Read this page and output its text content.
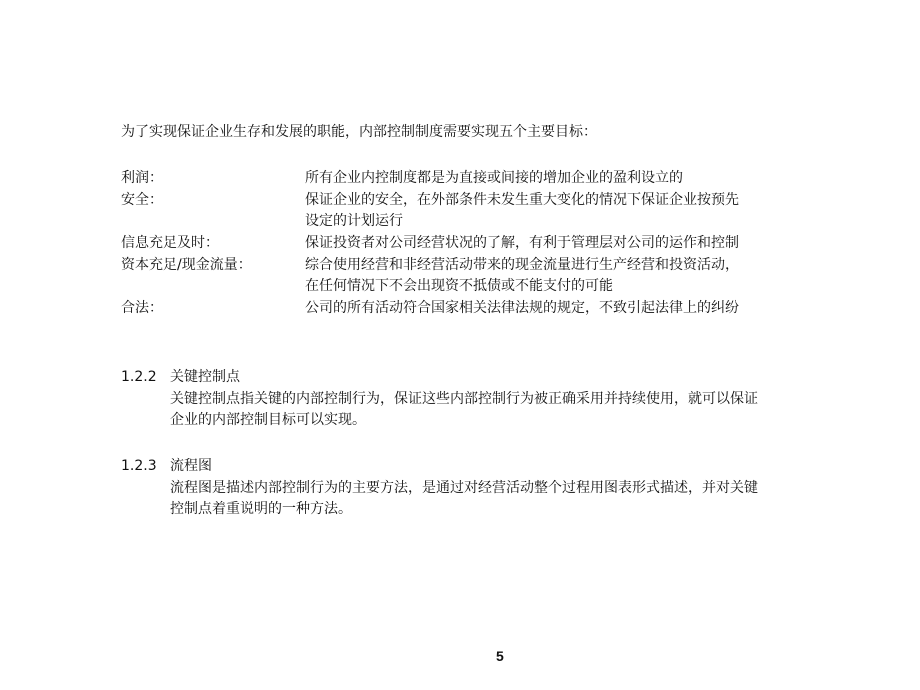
为了实现保证企业生存和发展的职能，内部控制制度需要实现五个主要目标：
利润：	所有企业内控制度都是为直接或间接的增加企业的盈利设立的
安全：	保证企业的安全，在外部条件未发生重大变化的情况下保证企业按预先
设定的计划运行
信息充足及时：	保证投资者对公司经营状况的了解，有利于管理层对公司的运作和控制
资本充足/现金流量：	综合使用经营和非经营活动带来的现金流量进行生产经营和投资活动，
在任何情况下不会出现资不抵债或不能支付的可能
合法：	公司的所有活动符合国家相关法律法规的规定，不致引起法律上的纠纷
1.2.2 关键控制点
关键控制点指关键的内部控制行为，保证这些内部控制行为被正确采用并持续使用，就可以保证
企业的内部控制目标可以实现。
1.2.3 流程图
流程图是描述内部控制行为的主要方法，是通过对经营活动整个过程用图表形式描述，并对关键
控制点着重说明的一种方法。
5
